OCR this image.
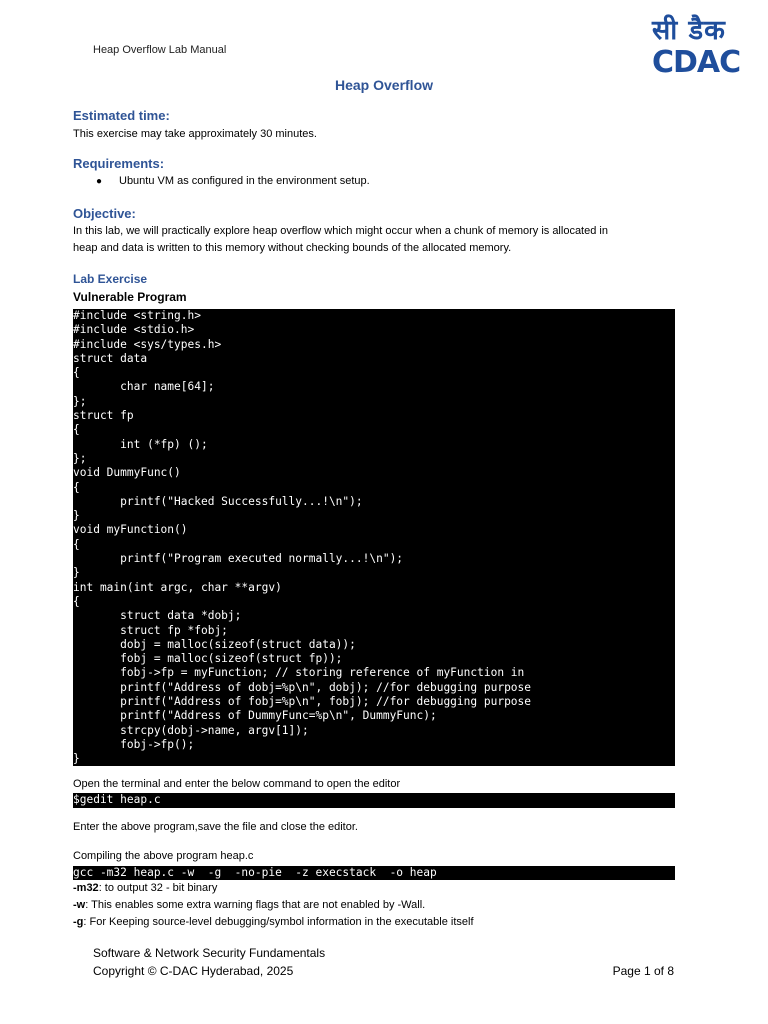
Heap Overflow Lab Manual
सी डैक
CDAC
Heap Overflow
Estimated time:

This exercise may take approximately 30 minutes.

Requirements:
● Ubuntu VM as configured in the environment setup.
Objective:

In this lab, we will practically explore heap overflow which might occur when a chunk of memory is allocated in

heap and data is written to this memory without checking bounds of the allocated memory.

Lab Exercise
Vulnerable Program
#include <string.h>
#include <stdio.h>
#include <sys/types.h>
struct data
{
char name[64];
};
struct fp
{
int (*fp) ();
};
void DummyFunc()
{
printf("Hacked Successfully...!\n");
}
void myFunction()
{
printf("Program executed normally...!\n");
}
int main(int argc, char **argv)
{
struct data *dobj;
struct fp *fobj;
dobj = malloc(sizeof(struct data));
fobj = malloc(sizeof(struct fp));
fobj->fp = myFunction; // storing reference of myFunction in
printf("Address of dobj=%p\n", dobj); //for debugging purpose
printf("Address of fobj=%p\n", fobj); //for debugging purpose
printf("Address of DummyFunc=%p\n", DummyFunc);
strcpy(dobj->name, argv[1]);
fobj->fp();
}

Open the terminal and enter the below command to open the editor

$gedit heap.c

Enter the above program,save the file and close the editor.

Compiling the above program heap.c

gcc -m32 heap.c -w  -g  -no-pie  -z execstack  -o heap

-m32: to output 32 - bit binary

-w: This enables some extra warning flags that are not enabled by -Wall.

-g: For Keeping source-level debugging/symbol information in the executable itself

Software & Network Security Fundamentals
Copyright © C-DAC Hyderabad, 2025	Page 1 of 8
